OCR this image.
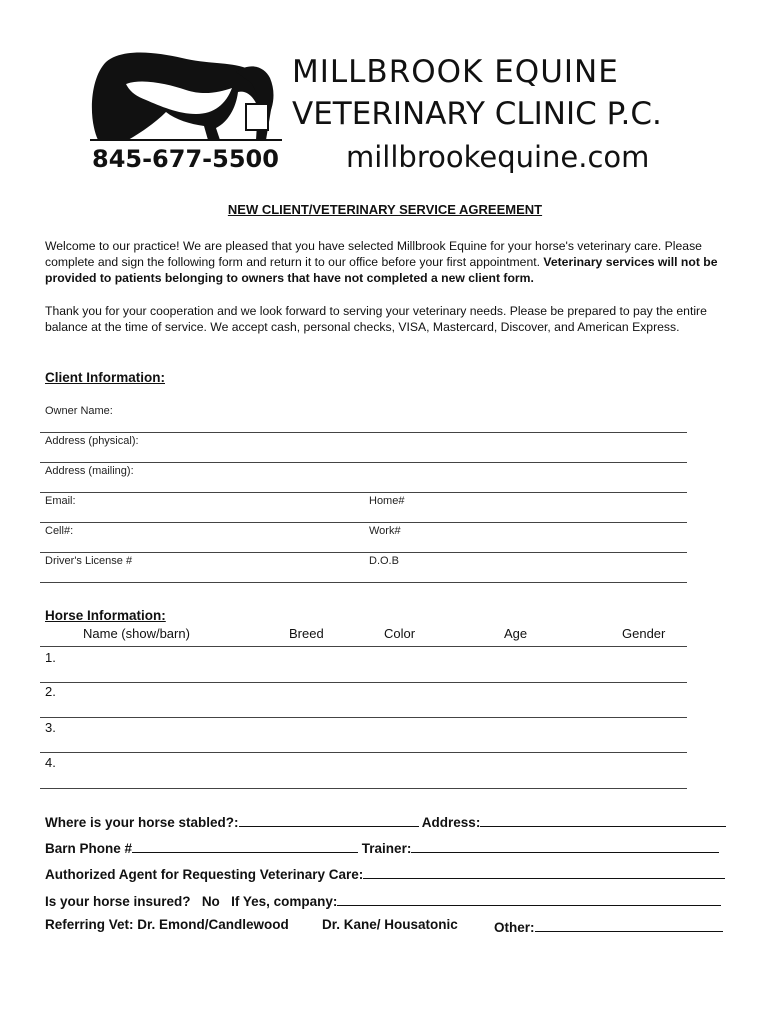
MILLBROOK EQUINE
VETERINARY CLINIC P.C.
845-677-5500 millbrookequine.com
NEW CLIENT/VETERINARY SERVICE AGREEMENT
Welcome to our practice! We are pleased that you have selected Millbrook Equine for your horse's veterinary care. Please complete and sign the following form and return it to our office before your first appointment. Veterinary services will not be provided to patients belonging to owners that have not completed a new client form.
Thank you for your cooperation and we look forward to serving your veterinary needs. Please be prepared to pay the entire balance at the time of service. We accept cash, personal checks, VISA, Mastercard, Discover, and American Express.
Client Information:
Owner Name:
Address (physical):
Address (mailing):
Email:	Home#
Cell#:	Work#
Driver's License #	D.O.B
Horse Information:
Name (show/barn)	Breed	Color	Age	Gender
1.
2.
3.
4.
Where is your horse stabled?:	Address:
Barn Phone #	Trainer:
Authorized Agent for Requesting Veterinary Care:
Is your horse insured? No If Yes, company:
Referring Vet: Dr. Emond/Candlewood Dr. Kane/ Housatonic	Other:
